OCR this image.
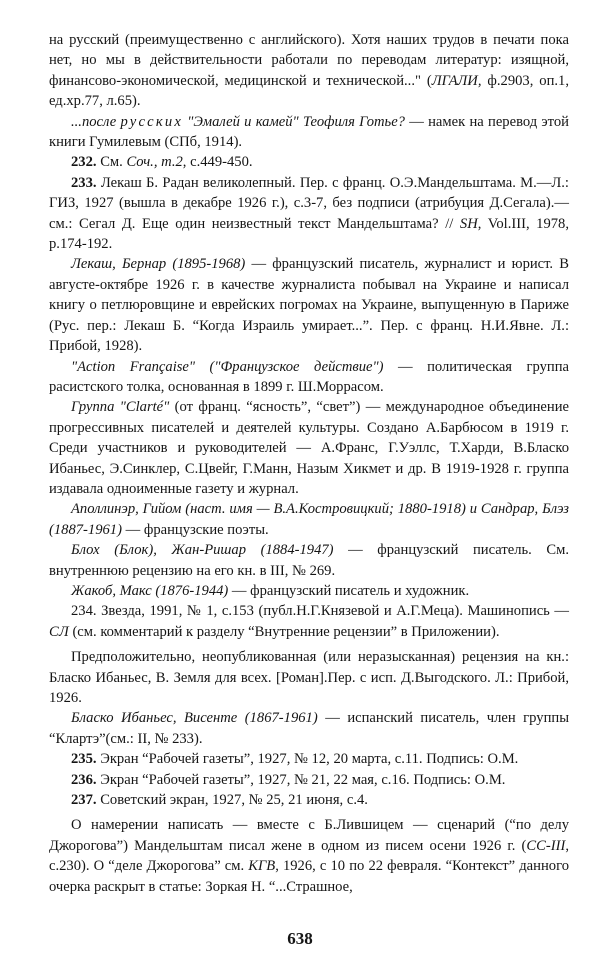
на русский (преимущественно с английского). Хотя наших трудов в печати пока нет, но мы в действительности работали по переводам литератур: изящной, финансово-экономической, медицинской и технической..." (ЛГАЛИ, ф.2903, оп.1, ед.хр.77, л.65).

...после русских "Эмалей и камей" Теофиля Готье? — намек на перевод этой книги Гумилевым (СПб, 1914).

232. См. Соч., т.2, с.449-450.

233. Лекаш Б. Радан великолепный. Пер. с франц. О.Э.Мандельштама. М.—Л.: ГИЗ, 1927 (вышла в декабре 1926 г.), с.3-7, без подписи (атрибуция Д.Сегала).— см.: Сегал Д. Еще один неизвестный текст Мандельштама? // SH, Vol.III, 1978, p.174-192.

Лекаш, Бернар (1895-1968) — французский писатель, журналист и юрист. В августе-октябре 1926 г. в качестве журналиста побывал на Украине и написал книгу о петлюровщине и еврейских погромах на Украине, выпущенную в Париже (Рус. пер.: Лекаш Б. “Когда Израиль умирает...”. Пер. с франц. Н.И.Явне. Л.: Прибой, 1928).

"Action Française" ("Французское действие") — политическая группа расистского толка, основанная в 1899 г. Ш.Моррасом.

Группа "Clarté" (от франц. “ясность”, “свет”) — международное объединение прогрессивных писателей и деятелей культуры. Создано А.Барбюсом в 1919 г. Среди участников и руководителей — А.Франс, Г.Уэллс, Т.Харди, В.Бласко Ибаньес, Э.Синклер, С.Цвейг, Г.Манн, Назым Хикмет и др. В 1919-1928 г. группа издавала одноименные газету и журнал.

Аполлинэр, Гийом (наст. имя — В.А.Костровицкий; 1880-1918) и Сандрар, Блэз (1887-1961) — французские поэты.

Блох (Блок), Жан-Ришар (1884-1947) — французский писатель. См. внутреннюю рецензию на его кн. в III, № 269.

Жакоб, Макс (1876-1944) — французский писатель и художник.

234. Звезда, 1991, № 1, с.153 (публ.Н.Г.Князевой и А.Г.Меца). Машинопись — СЛ (см. комментарий к разделу “Внутренние рецензии” в Приложении).

Предположительно, неопубликованная (или неразысканная) рецензия на кн.: Бласко Ибаньес, В. Земля для всех. [Роман].Пер. с исп. Д.Выгодского. Л.: Прибой, 1926.

Бласко Ибаньес, Висенте (1867-1961) — испанский писатель, член группы “Клартэ”(см.: II, № 233).

235. Экран “Рабочей газеты”, 1927, № 12, 20 марта, с.11. Подпись: О.М.

236. Экран “Рабочей газеты”, 1927, № 21, 22 мая, с.16. Подпись: О.М.

237. Советский экран, 1927, № 25, 21 июня, с.4.

О намерении написать — вместе с Б.Лившицем — сценарий (“по делу Джорогова”) Мандельштам писал жене в одном из писем осени 1926 г. (СС-III, с.230). О “деле Джорогова” см. КГВ, 1926, с 10 по 22 февраля. “Контекст” данного очерка раскрыт в статье: Зоркая Н. “...Страшное,

638
